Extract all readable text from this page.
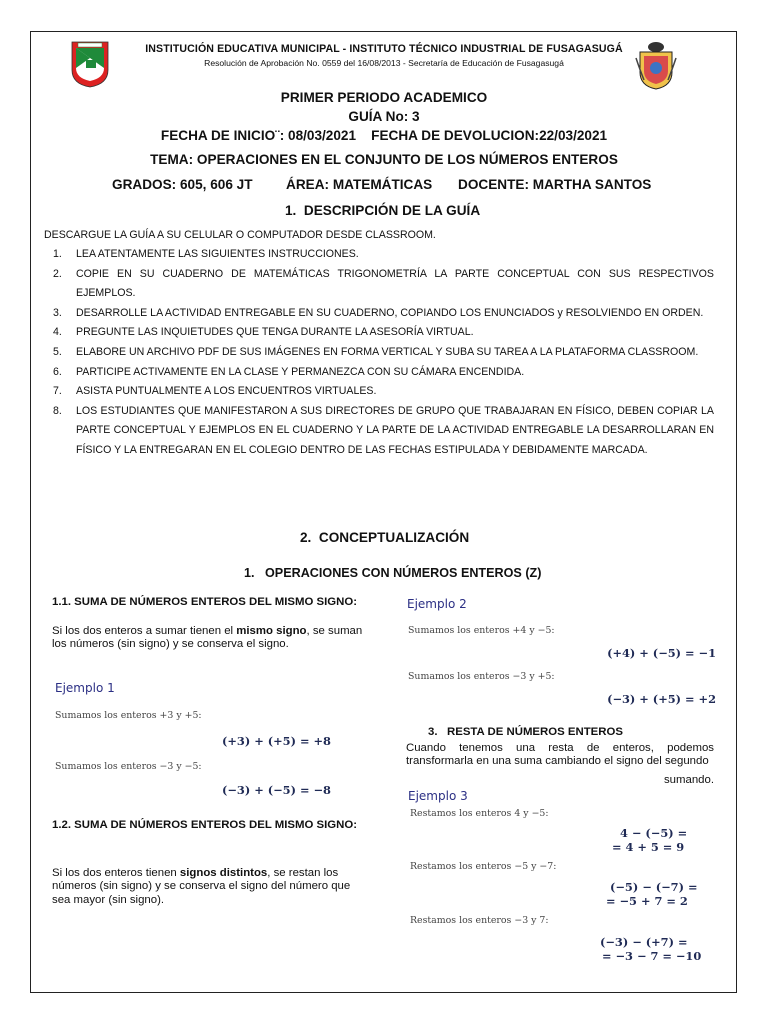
INSTITUCIÓN EDUCATIVA MUNICIPAL - INSTITUTO TÉCNICO INDUSTRIAL DE FUSAGASUGÁ
Resolución de Aprobación No. 0559 del 16/08/2013 - Secretaría de Educación de Fusagasugá
PRIMER PERIODO ACADEMICO
GUÍA No: 3
FECHA DE INICIO¨: 08/03/2021    FECHA DE DEVOLUCION:22/03/2021
TEMA: OPERACIONES EN EL CONJUNTO DE LOS NÚMEROS ENTEROS
GRADOS: 605, 606 JT ÁREA: MATEMÁTICAS DOCENTE: MARTHA SANTOS
1. DESCRIPCIÓN DE LA GUÍA
DESCARGUE LA GUÍA A SU CELULAR O COMPUTADOR DESDE CLASSROOM.
1. LEA ATENTAMENTE LAS SIGUIENTES INSTRUCCIONES.
2. COPIE EN SU CUADERNO DE MATEMÁTICAS TRIGONOMETRÍA LA PARTE CONCEPTUAL CON SUS RESPECTIVOS EJEMPLOS.
3. DESARROLLE LA ACTIVIDAD ENTREGABLE EN SU CUADERNO, COPIANDO LOS ENUNCIADOS y RESOLVIENDO EN ORDEN.
4. PREGUNTE LAS INQUIETUDES QUE TENGA DURANTE LA ASESORÍA VIRTUAL.
5. ELABORE UN ARCHIVO PDF DE SUS IMÁGENES EN FORMA VERTICAL Y SUBA SU TAREA A LA PLATAFORMA CLASSROOM.
6. PARTICIPE ACTIVAMENTE EN LA CLASE Y PERMANEZCA CON SU CÁMARA ENCENDIDA.
7. ASISTA PUNTUALMENTE A LOS ENCUENTROS VIRTUALES.
8. LOS ESTUDIANTES QUE MANIFESTARON A SUS DIRECTORES DE GRUPO QUE TRABAJARAN EN FÍSICO, DEBEN COPIAR LA PARTE CONCEPTUAL Y EJEMPLOS EN EL CUADERNO Y LA PARTE DE LA ACTIVIDAD ENTREGABLE LA DESARROLLARAN EN FÍSICO Y LA ENTREGARAN EN EL COLEGIO DENTRO DE LAS FECHAS ESTIPULADA Y DEBIDAMENTE MARCADA.
2. CONCEPTUALIZACIÓN
1. OPERACIONES CON NÚMEROS ENTEROS (Z)
1.1. SUMA DE NÚMEROS ENTEROS DEL MISMO SIGNO:
Si los dos enteros a sumar tienen el mismo signo, se suman los números (sin signo) y se conserva el signo.
Ejemplo 1
Sumamos los enteros +3 y +5:
(+3) + (+5) = +8
Sumamos los enteros −3 y −5:
(−3) + (−5) = −8
1.2. SUMA DE NÚMEROS ENTEROS DEL MISMO SIGNO:
Si los dos enteros tienen signos distintos, se restan los números (sin signo) y se conserva el signo del número que sea mayor (sin signo).
Ejemplo 2
Sumamos los enteros +4 y −5:
(+4) + (−5) = −1
Sumamos los enteros −3 y +5:
(−3) + (+5) = +2
3. RESTA DE NÚMEROS ENTEROS
Cuando tenemos una resta de enteros, podemos transformarla en una suma cambiando el signo del segundo
sumando.
Ejemplo 3
Restamos los enteros 4 y −5:
4 − (−5) =
= 4 + 5 = 9
Restamos los enteros −5 y −7:
(−5) − (−7) =
= −5 + 7 = 2
Restamos los enteros −3 y 7:
(−3) − (+7) =
= −3 − 7 = −10
